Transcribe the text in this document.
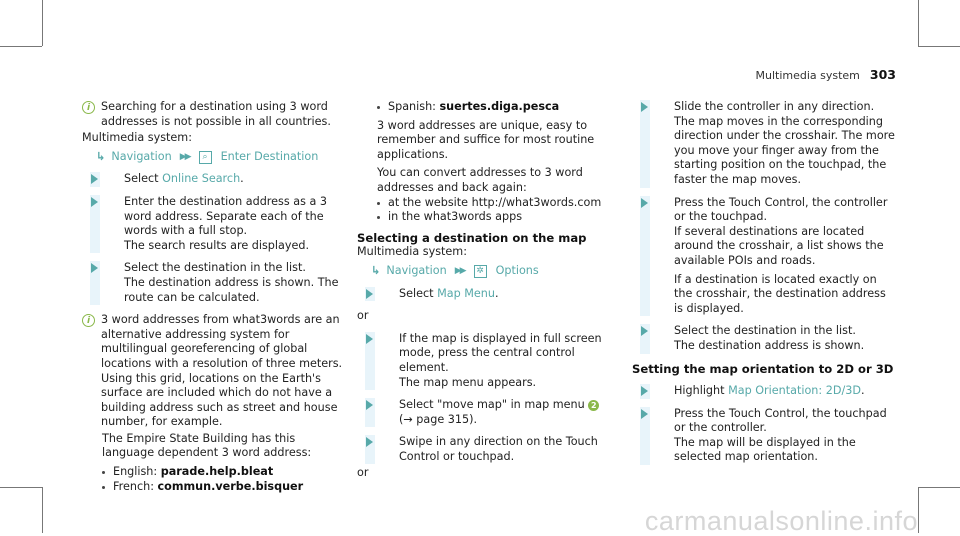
Multimedia system 303
i Searching for a destination using 3 word addresses is not possible in all countries.
Multimedia system:
↳ Navigation ▶▶	⌕	Enter Destination
Select Online Search.
Enter the destination address as a 3 word address. Separate each of the words with a full stop.
The search results are displayed.
Select the destination in the list.
The destination address is shown. The route can be calculated.
i 3 word addresses from what3words are an alternative addressing system for multilingual georeferencing of global locations with a resolution of three meters. Using this grid, locations on the Earth's surface are included which do not have a building address such as street and house number, for example.
The Empire State Building has this language dependent 3 word address:
English: parade.help.bleat
French: commun.verbe.bisquer
Spanish: suertes.diga.pesca
3 word addresses are unique, easy to remember and suffice for most routine applications.
You can convert addresses to 3 word addresses and back again:
at the website http://what3words.com
in the what3words apps
Selecting a destination on the map
Multimedia system:
↳ Navigation ▶▶	✲ Options
Select Map Menu.
or
If the map is displayed in full screen mode, press the central control element.
The map menu appears.
Select "move map" in map menu 2
(→ page 315).
Swipe in any direction on the Touch Control or touchpad.
or
Slide the controller in any direction.
The map moves in the corresponding direction under the crosshair. The more you move your finger away from the starting position on the touchpad, the faster the map moves.
Press the Touch Control, the controller or the touchpad.
If several destinations are located around the crosshair, a list shows the available POIs and roads.
If a destination is located exactly on the crosshair, the destination address is displayed.
Select the destination in the list.
The destination address is shown.
Setting the map orientation to 2D or 3D
Highlight Map Orientation: 2D/3D.
Press the Touch Control, the touchpad or the controller.
The map will be displayed in the selected map orientation.
carmanualsonline.info
